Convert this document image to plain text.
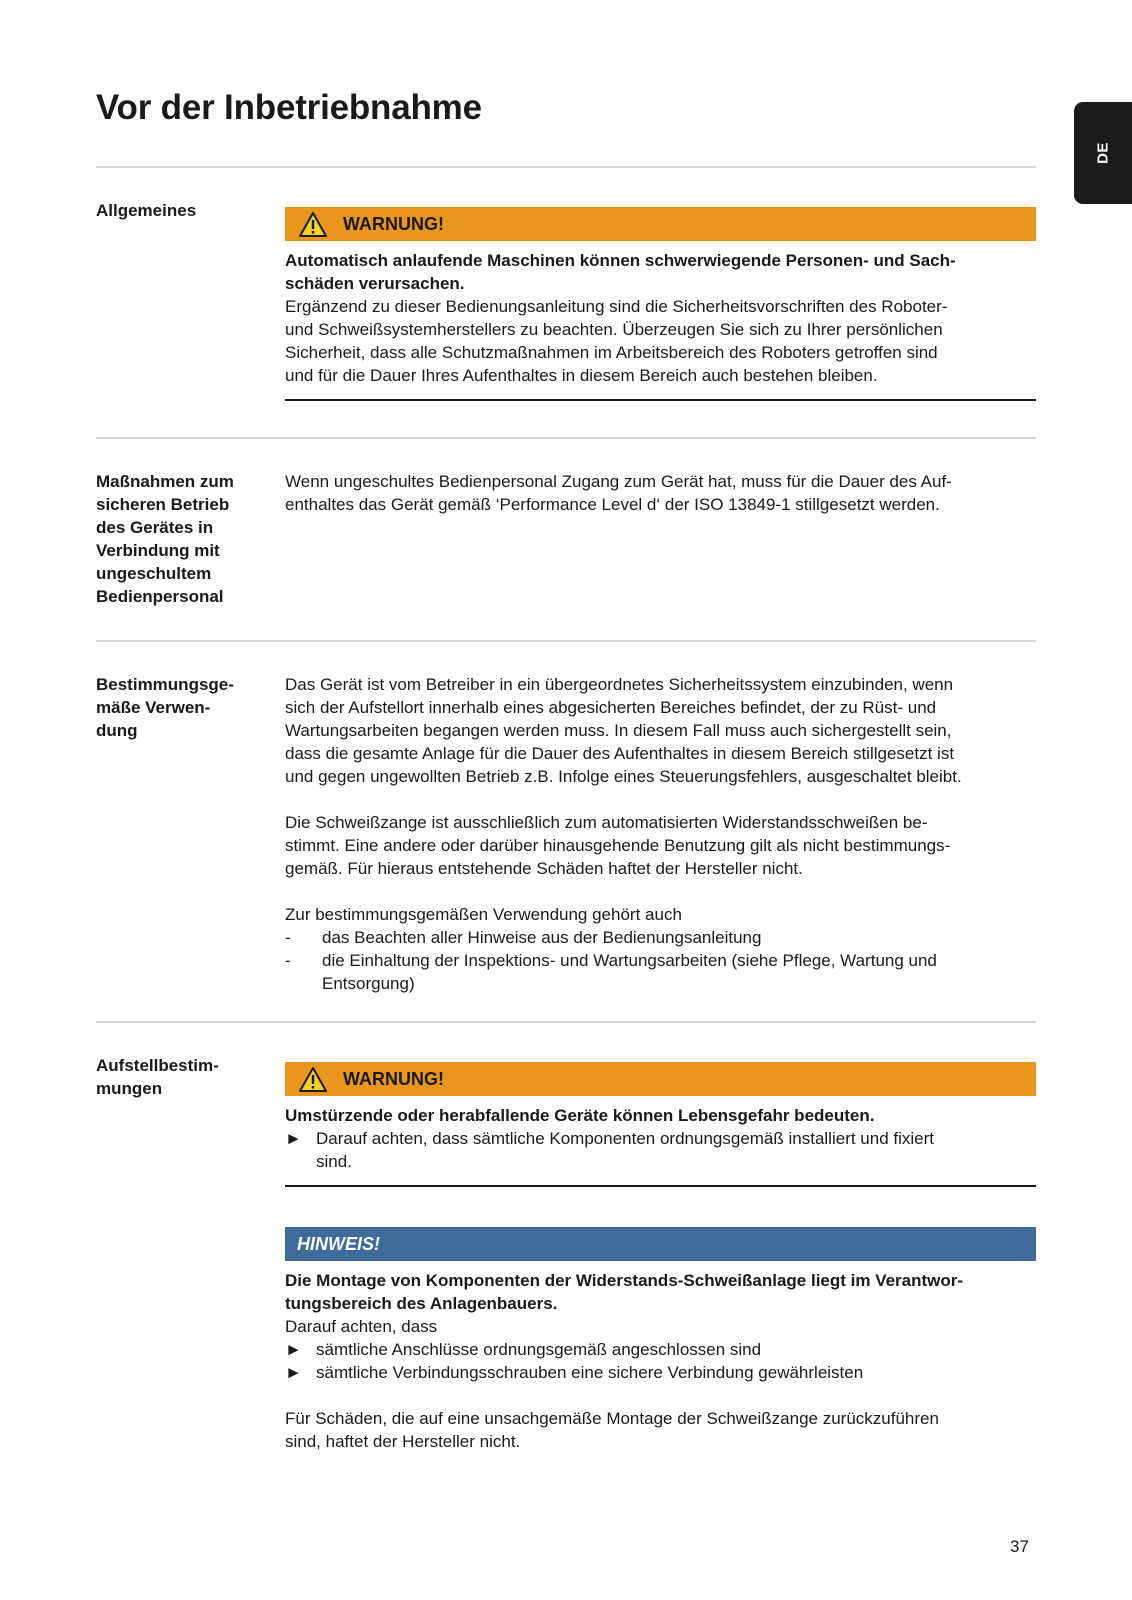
Vor der Inbetriebnahme
DE
Allgemeines
WARNUNG!

Automatisch anlaufende Maschinen können schwerwiegende Personen- und Sach-

schäden verursachen.

Ergänzend zu dieser Bedienungsanleitung sind die Sicherheitsvorschriften des Roboter-

und Schweißsystemherstellers zu beachten. Überzeugen Sie sich zu Ihrer persönlichen

Sicherheit, dass alle Schutzmaßnahmen im Arbeitsbereich des Roboters getroffen sind

und für die Dauer Ihres Aufenthaltes in diesem Bereich auch bestehen bleiben.

Maßnahmen zum
sicheren Betrieb
des Gerätes in
Verbindung mit
ungeschultem
Bedienpersonal

Wenn ungeschultes Bedienpersonal Zugang zum Gerät hat, muss für die Dauer des Auf-

enthaltes das Gerät gemäß ‘Performance Level d‘ der ISO 13849-1 stillgesetzt werden.

Bestimmungsge-
mäße Verwen-
dung

Das Gerät ist vom Betreiber in ein übergeordnetes Sicherheitssystem einzubinden, wenn

sich der Aufstellort innerhalb eines abgesicherten Bereiches befindet, der zu Rüst- und

Wartungsarbeiten begangen werden muss. In diesem Fall muss auch sichergestellt sein,

dass die gesamte Anlage für die Dauer des Aufenthaltes in diesem Bereich stillgesetzt ist

und gegen ungewollten Betrieb z.B. Infolge eines Steuerungsfehlers, ausgeschaltet bleibt.

Die Schweißzange ist ausschließlich zum automatisierten Widerstandsschweißen be-

stimmt. Eine andere oder darüber hinausgehende Benutzung gilt als nicht bestimmungs-

gemäß. Für hieraus entstehende Schäden haftet der Hersteller nicht.

Zur bestimmungsgemäßen Verwendung gehört auch

-	das Beachten aller Hinweise aus der Bedienungsanleitung
-	die Einhaltung der Inspektions- und Wartungsarbeiten (siehe Pflege, Wartung und
Entsorgung)
Aufstellbestim-
mungen	WARNUNG!

Umstürzende oder herabfallende Geräte können Lebensgefahr bedeuten.

► Darauf achten, dass sämtliche Komponenten ordnungsgemäß installiert und fixiert
sind.
HINWEIS!

Die Montage von Komponenten der Widerstands-Schweißanlage liegt im Verantwor-

tungsbereich des Anlagenbauers.

Darauf achten, dass

► sämtliche Anschlüsse ordnungsgemäß angeschlossen sind
► sämtliche Verbindungsschrauben eine sichere Verbindung gewährleisten

Für Schäden, die auf eine unsachgemäße Montage der Schweißzange zurückzuführen

sind, haftet der Hersteller nicht.

37
